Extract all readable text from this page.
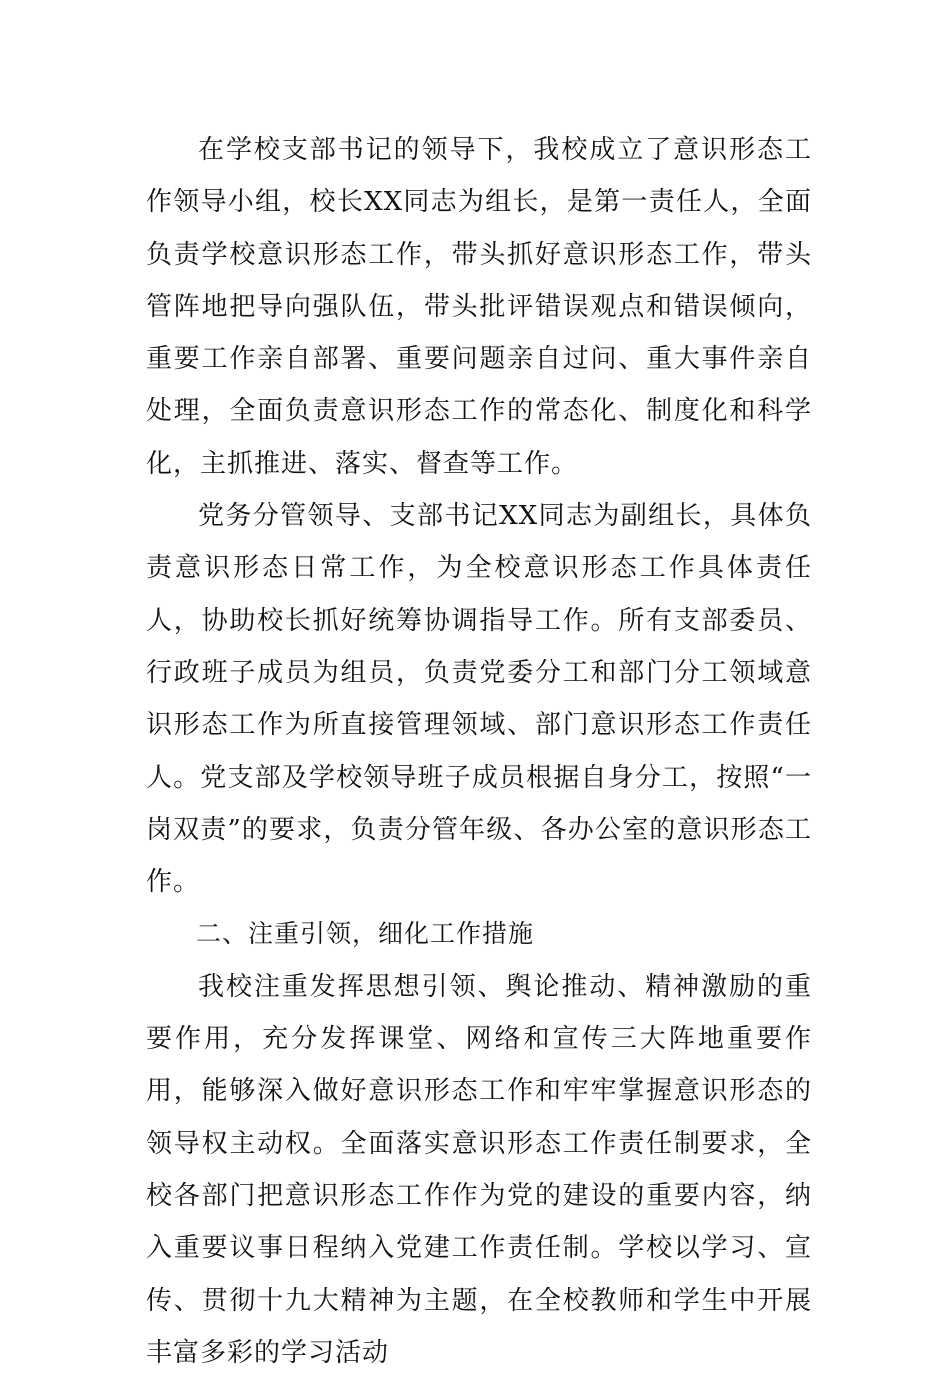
在学校支部书记的领导下，我校成立了意识形态工作领导小组，校长XX同志为组长，是第一责任人，全面负责学校意识形态工作，带头抓好意识形态工作，带头管阵地把导向强队伍，带头批评错误观点和错误倾向，重要工作亲自部署、重要问题亲自过问、重大事件亲自处理，全面负责意识形态工作的常态化、制度化和科学化，主抓推进、落实、督查等工作。

党务分管领导、支部书记XX同志为副组长，具体负责意识形态日常工作，为全校意识形态工作具体责任人，协助校长抓好统筹协调指导工作。所有支部委员、行政班子成员为组员，负责党委分工和部门分工领域意识形态工作为所直接管理领域、部门意识形态工作责任人。党支部及学校领导班子成员根据自身分工，按照“一岗双责”的要求，负责分管年级、各办公室的意识形态工作。

二、注重引领，细化工作措施

我校注重发挥思想引领、舆论推动、精神激励的重要作用，充分发挥课堂、网络和宣传三大阵地重要作用，能够深入做好意识形态工作和牢牢掌握意识形态的领导权主动权。全面落实意识形态工作责任制要求，全校各部门把意识形态工作作为党的建设的重要内容，纳入重要议事日程纳入党建工作责任制。学校以学习、宣传、贯彻十九大精神为主题，在全校教师和学生中开展丰富多彩的学习活动
